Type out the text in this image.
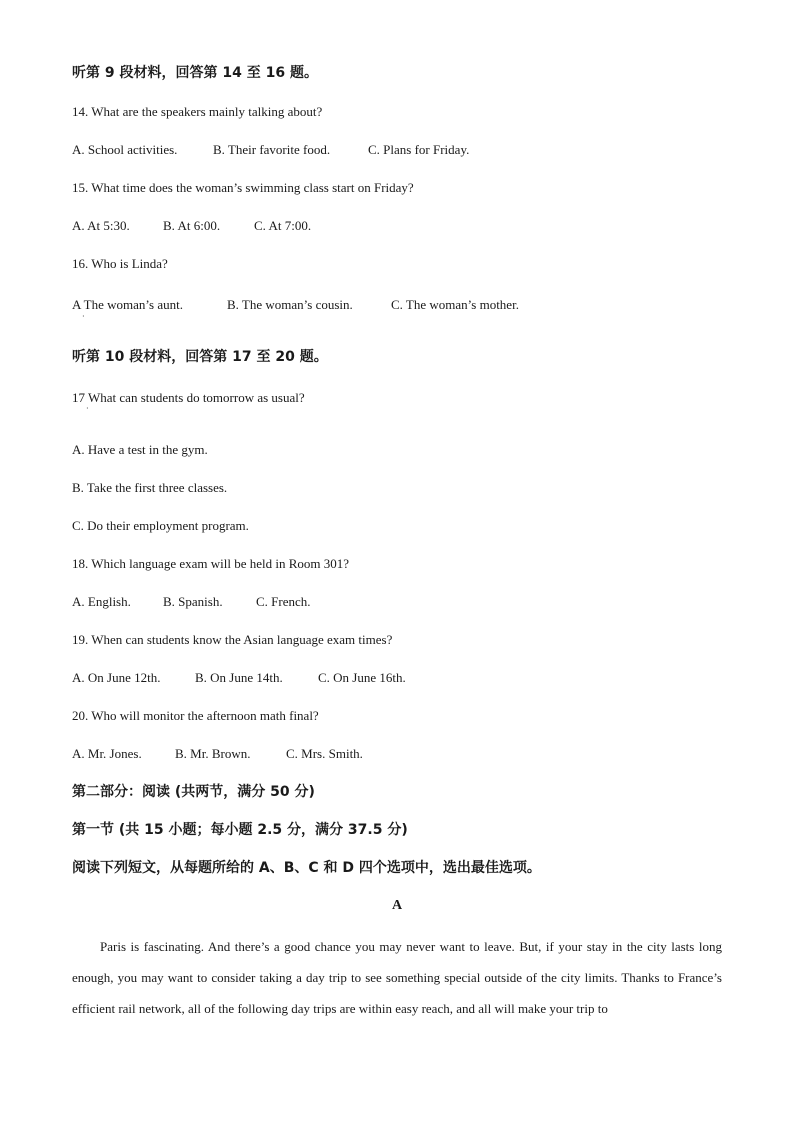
听第 9 段材料，回答第 14 至 16 题。
14. What are the speakers mainly talking about?
A. School activities.	B. Their favorite food.	C. Plans for Friday.
15. What time does the woman’s swimming class start on Friday?
A. At 5:30.	B. At 6:00.	C. At 7:00.
16. Who is Linda?
A The woman’s aunt.	B. The woman’s cousin.	C. The woman’s mother.
·
听第 10 段材料，回答第 17 至 20 题。
17 What can students do tomorrow as usual?
·
A. Have a test in the gym.
B. Take the first three classes.
C. Do their employment program.
18. Which language exam will be held in Room 301?
A. English. B. Spanish.	C. French.
19. When can students know the Asian language exam times?
A. On June 12th.	B. On June 14th.	C. On June 16th.
20. Who will monitor the afternoon math final?
A. Mr. Jones.	B. Mr. Brown.	C. Mrs. Smith.
第二部分：阅读 (共两节，满分 50 分)
第一节 (共 15 小题；每小题 2.5 分，满分 37.5 分)
阅读下列短文，从每题所给的 A、B、C 和 D 四个选项中，选出最佳选项。
A
Paris is fascinating. And there’s a good chance you may never want to leave. But, if your stay in the city lasts long enough, you may want to consider taking a day trip to see something special outside of the city limits. Thanks to France’s efficient rail network, all of the following day trips are within easy reach, and all will make your trip to
